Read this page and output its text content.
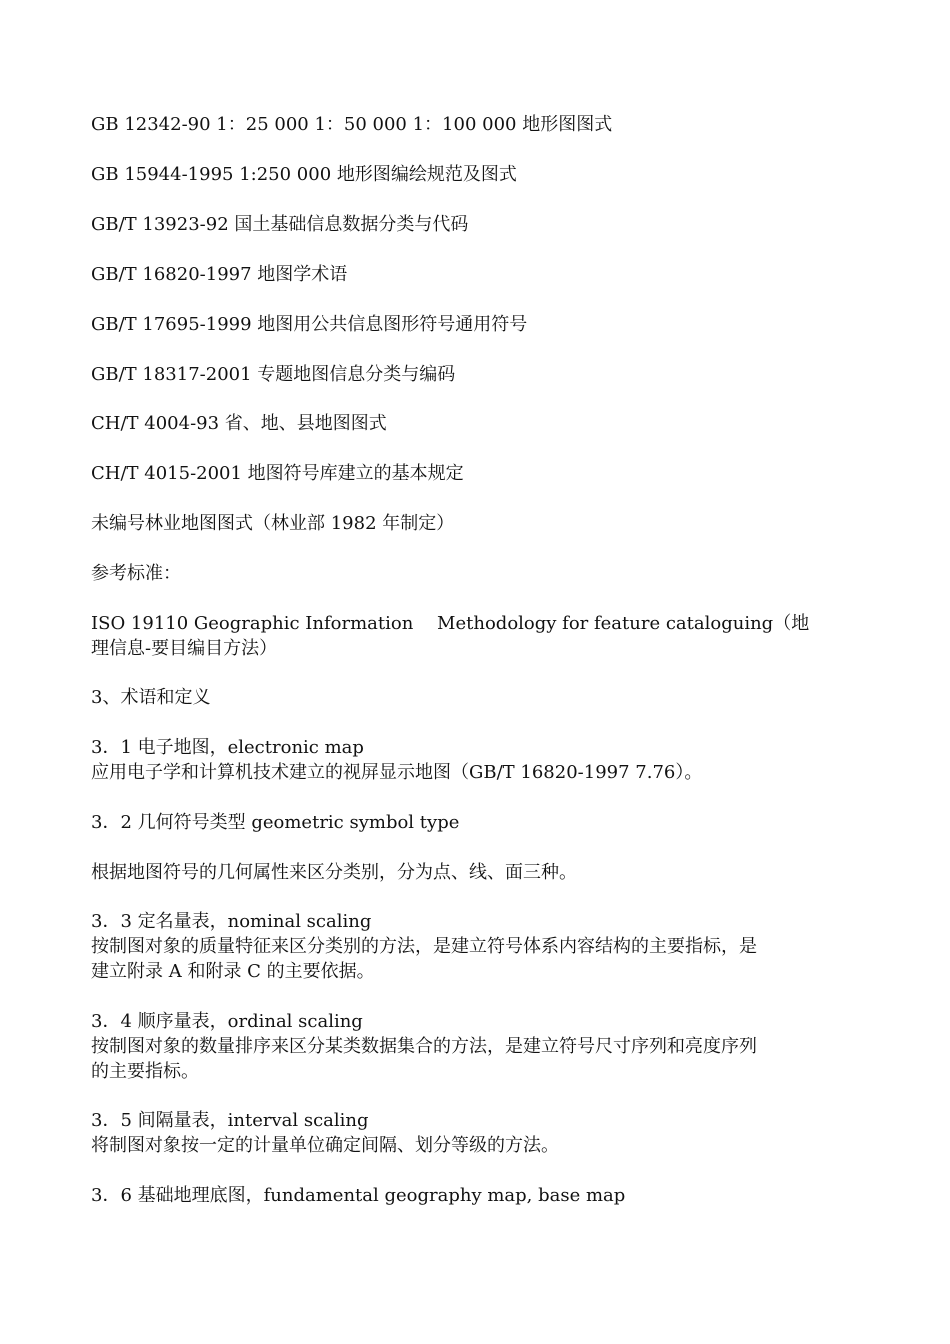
GB 12342-90 1：25 000 1：50 000 1：100 000 地形图图式
GB 15944-1995 1:250 000 地形图编绘规范及图式
GB/T 13923-92 国土基础信息数据分类与代码
GB/T 16820-1997 地图学术语
GB/T 17695-1999 地图用公共信息图形符号通用符号
GB/T 18317-2001 专题地图信息分类与编码
CH/T 4004-93 省、地、县地图图式
CH/T 4015-2001 地图符号库建立的基本规定
未编号林业地图图式（林业部 1982 年制定）
参考标准：
ISO 19110 Geographic Information　 Methodology for feature cataloguing（地
理信息-要目编目方法）
3、术语和定义
3．1 电子地图，electronic map
应用电子学和计算机技术建立的视屏显示地图（GB/T 16820-1997 7.76）。
3．2 几何符号类型 geometric symbol type
根据地图符号的几何属性来区分类别，分为点、线、面三种。
3．3 定名量表，nominal scaling
按制图对象的质量特征来区分类别的方法，是建立符号体系内容结构的主要指标，是
建立附录 A 和附录 C 的主要依据。
3．4 顺序量表，ordinal scaling
按制图对象的数量排序来区分某类数据集合的方法，是建立符号尺寸序列和亮度序列
的主要指标。
3．5 间隔量表，interval scaling
将制图对象按一定的计量单位确定间隔、划分等级的方法。
3．6 基础地理底图，fundamental geography map, base map
